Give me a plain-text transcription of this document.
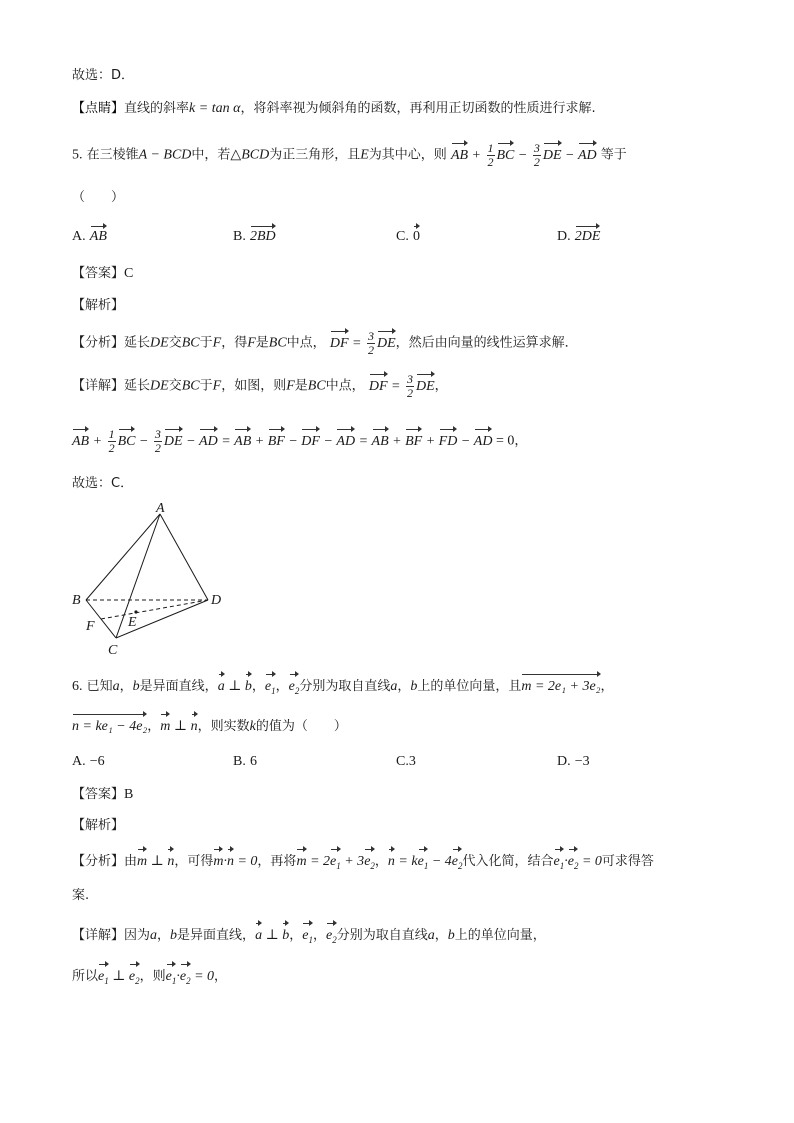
故选：D．
【点睛】直线的斜率k = tan α，将斜率视为倾斜角的函数，再利用正切函数的性质进行求解.
5. 在三棱锥A − BCD中，若△BCD为正三角形，且E为其中心，则 AB + $\frac{1}{2}$ BC − $\frac{3}{2}$ DE − AD 等于
（　　）
A. AB	B. 2BD	C. 0	D. 2DE
【答案】C
【解析】
【分析】延长DE交BC于F，得F是BC中点， DF = $\frac{3}{2}$ DE，然后由向量的线性运算求解．
【详解】延长DE交BC于F，如图，则F是BC中点， DF = $\frac{3}{2}$ DE，
AB + $\frac{1}{2}$ BC − $\frac{3}{2}$ DE − AD = AB + BF − DF − AD = AB + BF + FD − AD = 0，
故选：C．
A
B
C
D
E
F
6. 已知a，b是异面直线，a ⊥ b，$e_1$，$e_2$分别为取自直线a，b上的单位向量，且m = 2e₁ + 3e₂，
n = ke₁ − 4e₂，m ⊥ n，则实数k的值为（　　）
A. −6	B. 6	C.3	D. −3
【答案】B
【解析】
【分析】由m ⊥ n，可得m·n = 0，再将$m = 2e_1 + 3e_2$，$n = ke_1 - 4e_2$代入化简，结合$e_1\cdot e_2 = 0$可求得答
案.
【详解】因为a，b是异面直线，a ⊥ b，$e_1$，$e_2$分别为取自直线a，b上的单位向量，
所以$e_1$ ⊥ $e_2$，则$e_1\cdot e_2 = 0$，
